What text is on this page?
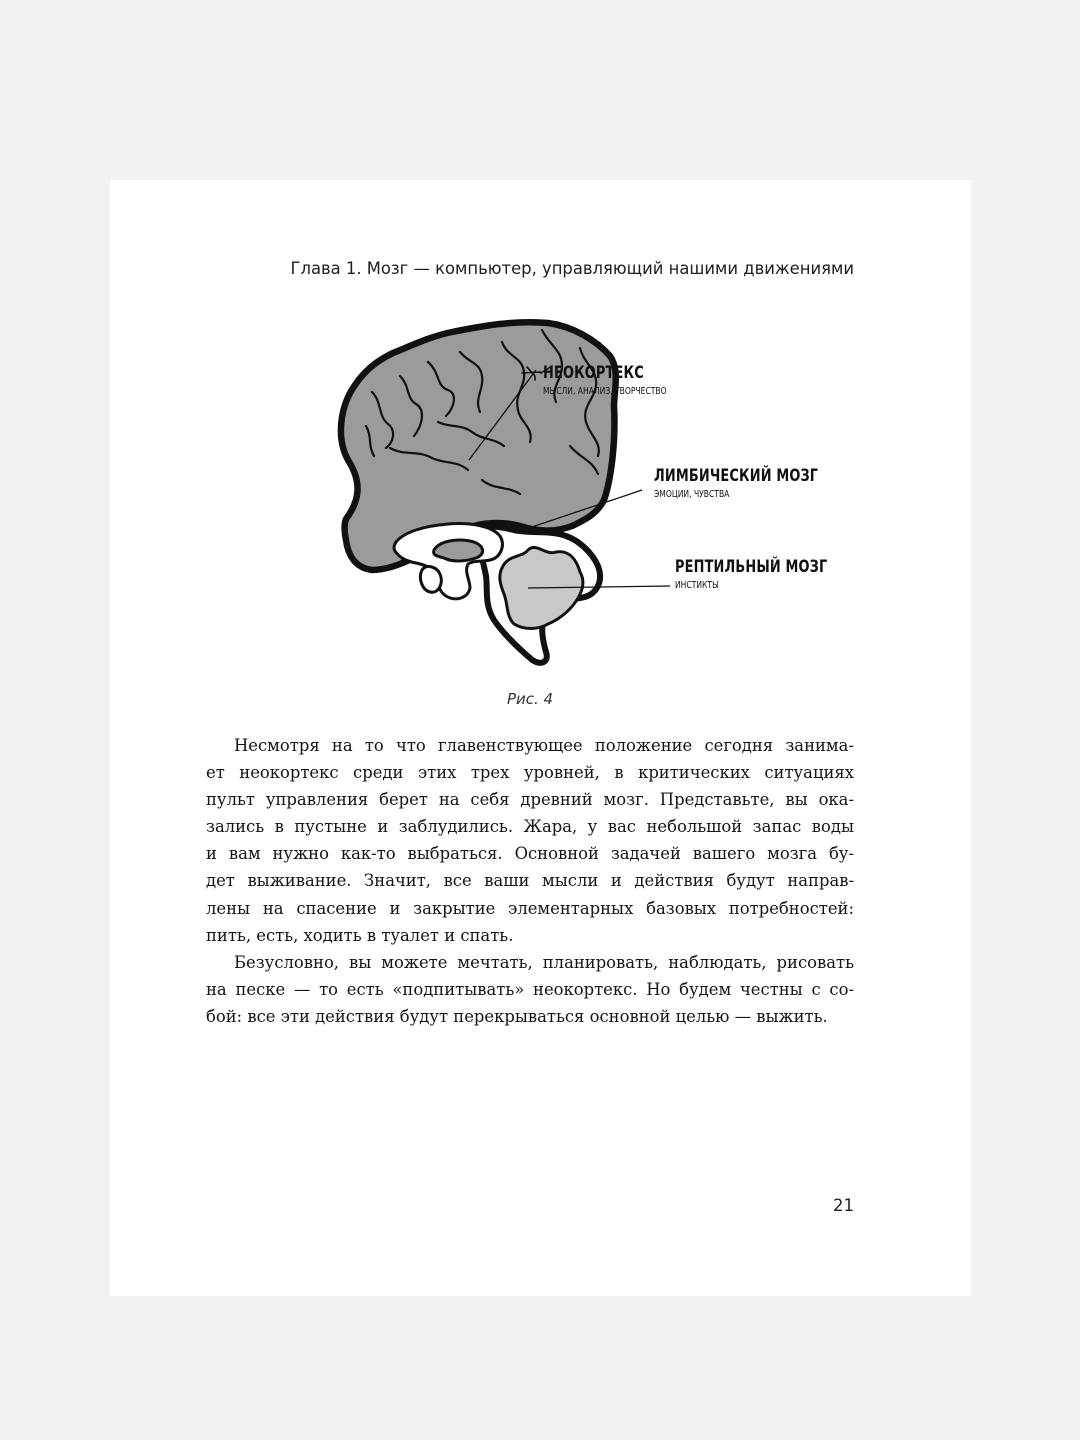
Глава 1. Мозг — компьютер, управляющий нашими движениями
НЕОКОРТЕКС
МЫСЛИ, АНАЛИЗ, ТВОРЧЕСТВО
ЛИМБИЧЕСКИЙ МОЗГ
ЭМОЦИИ, ЧУВСТВА
РЕПТИЛЬНЫЙ МОЗГ
ИНСТИКТЫ
Рис. 4

Несмотря на то что главенствующее положение сегодня занима-
ет неокортекс среди этих трех уровней, в критических ситуациях
пульт управления берет на себя древний мозг. Представьте, вы ока-
зались в пустыне и заблудились. Жара, у вас небольшой запас воды
и вам нужно как-то выбраться. Основной задачей вашего мозга бу-
дет выживание. Значит, все ваши мысли и действия будут направ-
лены на спасение и закрытие элементарных базовых потребностей:
пить, есть, ходить в туалет и спать.

Безусловно, вы можете мечтать, планировать, наблюдать, рисовать
на песке — то есть «подпитывать» неокортекс. Но будем честны с со-
бой: все эти действия будут перекрываться основной целью — выжить.

21
